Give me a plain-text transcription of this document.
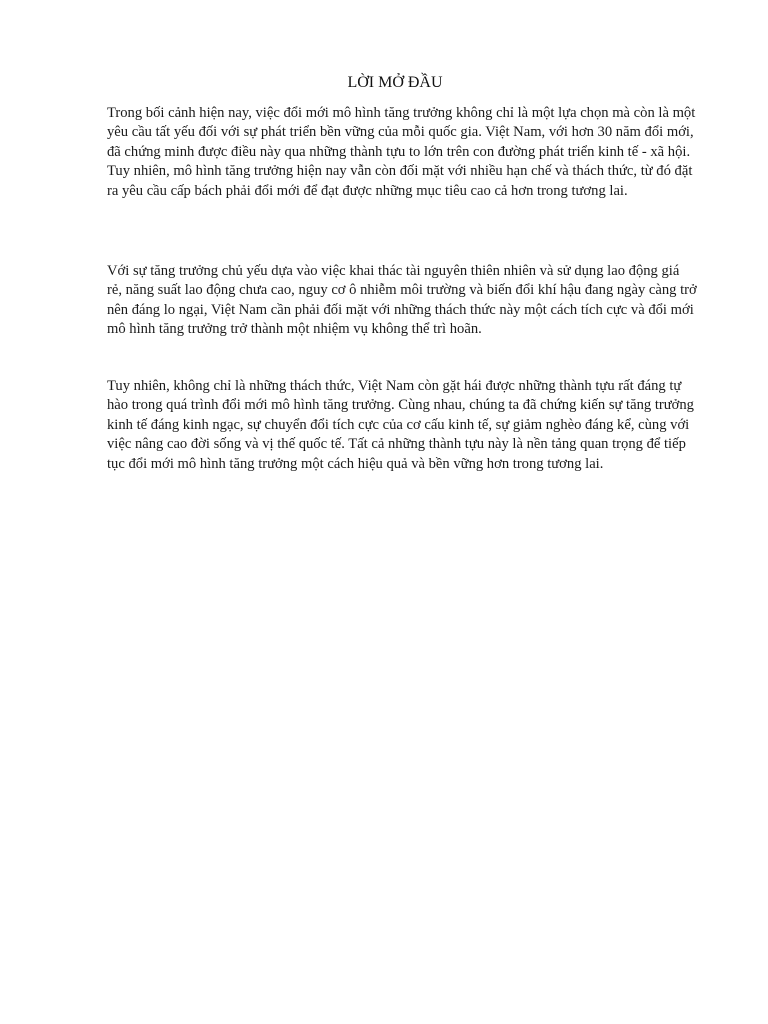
LỜI MỞ ĐẦU

Trong bối cảnh hiện nay, việc đổi mới mô hình tăng trưởng không chỉ là một lựa chọn mà còn là một yêu cầu tất yếu đối với sự phát triển bền vững của mỗi quốc gia. Việt Nam, với hơn 30 năm đổi mới, đã chứng minh được điều này qua những thành tựu to lớn trên con đường phát triển kinh tế - xã hội. Tuy nhiên, mô hình tăng trưởng hiện nay vẫn còn đối mặt với nhiều hạn chế và thách thức, từ đó đặt ra yêu cầu cấp bách phải đổi mới để đạt được những mục tiêu cao cả hơn trong tương lai.

Với sự tăng trưởng chủ yếu dựa vào việc khai thác tài nguyên thiên nhiên và sử dụng lao động giá rẻ, năng suất lao động chưa cao, nguy cơ ô nhiễm môi trường và biến đổi khí hậu đang ngày càng trở nên đáng lo ngại, Việt Nam cần phải đối mặt với những thách thức này một cách tích cực và đổi mới mô hình tăng trưởng trở thành một nhiệm vụ không thể trì hoãn.

Tuy nhiên, không chỉ là những thách thức, Việt Nam còn gặt hái được những thành tựu rất đáng tự hào trong quá trình đổi mới mô hình tăng trưởng. Cùng nhau, chúng ta đã chứng kiến sự tăng trưởng kinh tế đáng kinh ngạc, sự chuyển đổi tích cực của cơ cấu kinh tế, sự giảm nghèo đáng kể, cùng với việc nâng cao đời sống và vị thế quốc tế. Tất cả những thành tựu này là nền tảng quan trọng để tiếp tục đổi mới mô hình tăng trưởng một cách hiệu quả và bền vững hơn trong tương lai.
